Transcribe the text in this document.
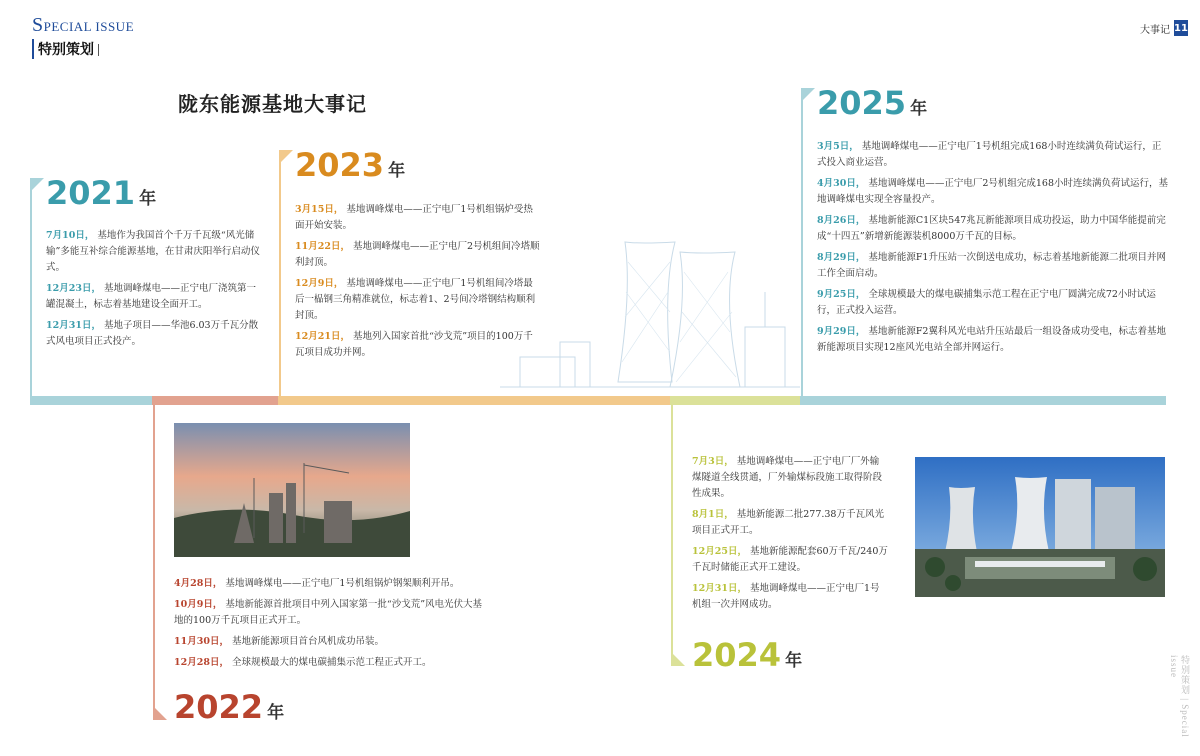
SPECIAL ISSUE
特别策划
大事记 11
陇东能源基地大事记
2021 年
7月10日， 基地作为我国首个千万千瓦级“风光储输”多能互补综合能源基地，在甘肃庆阳举行启动仪式。
12月23日， 基地调峰煤电——正宁电厂浇筑第一罐混凝土，标志着基地建设全面开工。
12月31日， 基地子项目——华池6.03万千瓦分散式风电项目正式投产。
2023 年
3月15日， 基地调峰煤电——正宁电厂1号机组锅炉受热面开始安装。
11月22日， 基地调峰煤电——正宁电厂2号机组间冷塔顺利封顶。
12月9日， 基地调峰煤电——正宁电厂1号机组间冷塔最后一榀钢三角精准就位，标志着1、2号间冷塔钢结构顺利封顶。
12月21日， 基地列入国家首批“沙戈荒”项目的100万千瓦项目成功并网。
2025 年
3月5日， 基地调峰煤电——正宁电厂1号机组完成168小时连续满负荷试运行，正式投入商业运营。
4月30日， 基地调峰煤电——正宁电厂2号机组完成168小时连续满负荷试运行，基地调峰煤电实现全容量投产。
8月26日， 基地新能源C1区块547兆瓦新能源项目成功投运，助力中国华能提前完成“十四五”新增新能源装机8000万千瓦的目标。
8月29日， 基地新能源F1升压站一次倒送电成功，标志着基地新能源二批项目并网工作全面启动。
9月25日， 全球规模最大的煤电碳捕集示范工程在正宁电厂圆满完成72小时试运行，正式投入运营。
9月29日， 基地新能源F2翼科风光电站升压站最后一组设备成功受电，标志着基地新能源项目实现12座风光电站全部并网运行。
4月28日， 基地调峰煤电——正宁电厂1号机组锅炉钢架顺利开吊。
10月9日， 基地新能源首批项目中列入国家第一批“沙戈荒”风电光伏大基地的100万千瓦项目正式开工。
11月30日， 基地新能源项目首台风机成功吊装。
12月28日， 全球规模最大的煤电碳捕集示范工程正式开工。
2022 年
7月3日， 基地调峰煤电——正宁电厂厂外输煤隧道全线贯通，厂外输煤标段施工取得阶段性成果。
8月1日， 基地新能源二批277.38万千瓦风光项目正式开工。
12月25日， 基地新能源配套60万千瓦/240万千瓦时储能正式开工建设。
12月31日， 基地调峰煤电——正宁电厂1号机组一次并网成功。
2024 年	特别策划 | Special issue
